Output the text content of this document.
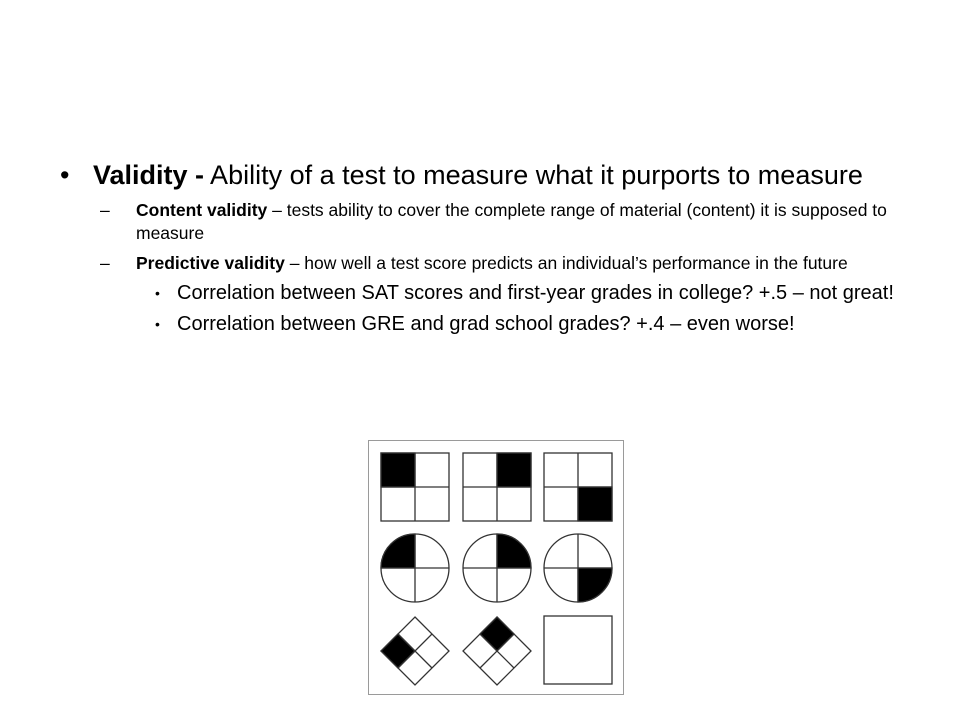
• Validity - Ability of a test to measure what it purports to measure
– Content validity – tests ability to cover the complete range of material (content) it is supposed to measure
– Predictive validity – how well a test score predicts an individual’s performance in the future
• Correlation between SAT scores and first-year grades in college? +.5 – not great!
• Correlation between GRE and grad school grades? +.4 – even worse!
